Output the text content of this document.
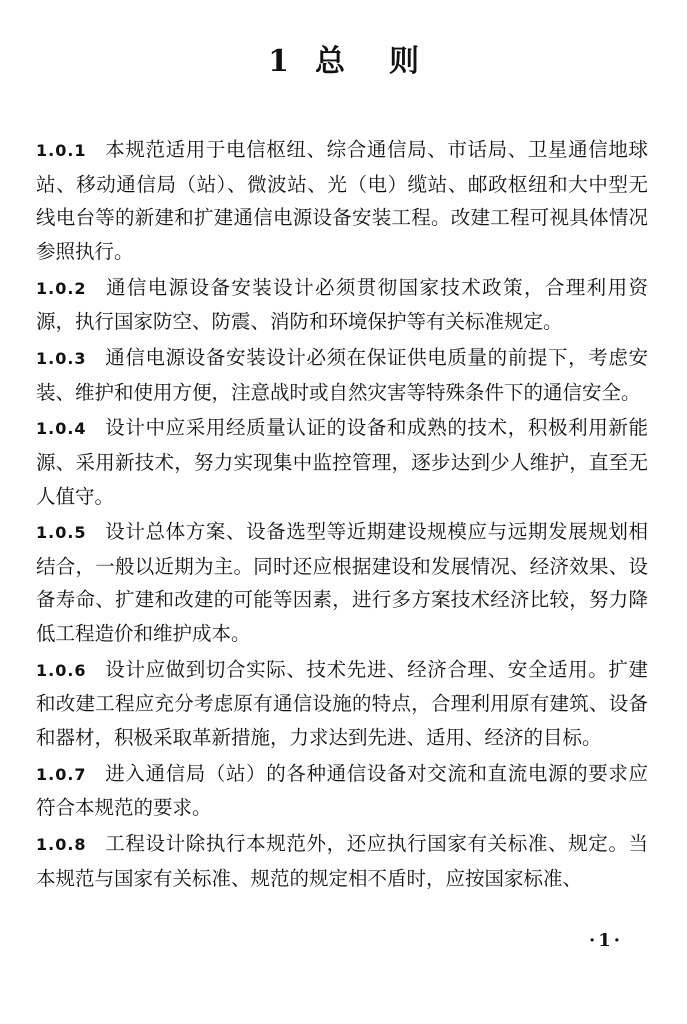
1 总 则

1.0.1 本规范适用于电信枢纽、综合通信局、市话局、卫星通信地球站、移动通信局（站）、微波站、光（电）缆站、邮政枢纽和大中型无线电台等的新建和扩建通信电源设备安装工程。改建工程可视具体情况参照执行。

1.0.2 通信电源设备安装设计必须贯彻国家技术政策，合理利用资源，执行国家防空、防震、消防和环境保护等有关标准规定。

1.0.3 通信电源设备安装设计必须在保证供电质量的前提下，考虑安装、维护和使用方便，注意战时或自然灾害等特殊条件下的通信安全。

1.0.4 设计中应采用经质量认证的设备和成熟的技术，积极利用新能源、采用新技术，努力实现集中监控管理，逐步达到少人维护，直至无人值守。

1.0.5 设计总体方案、设备选型等近期建设规模应与远期发展规划相结合，一般以近期为主。同时还应根据建设和发展情况、经济效果、设备寿命、扩建和改建的可能等因素，进行多方案技术经济比较，努力降低工程造价和维护成本。

1.0.6 设计应做到切合实际、技术先进、经济合理、安全适用。扩建和改建工程应充分考虑原有通信设施的特点，合理利用原有建筑、设备和器材，积极采取革新措施，力求达到先进、适用、经济的目标。

1.0.7 进入通信局（站）的各种通信设备对交流和直流电源的要求应符合本规范的要求。

1.0.8 工程设计除执行本规范外，还应执行国家有关标准、规定。当本规范与国家有关标准、规范的规定相不盾时，应按国家标准、

·1·
